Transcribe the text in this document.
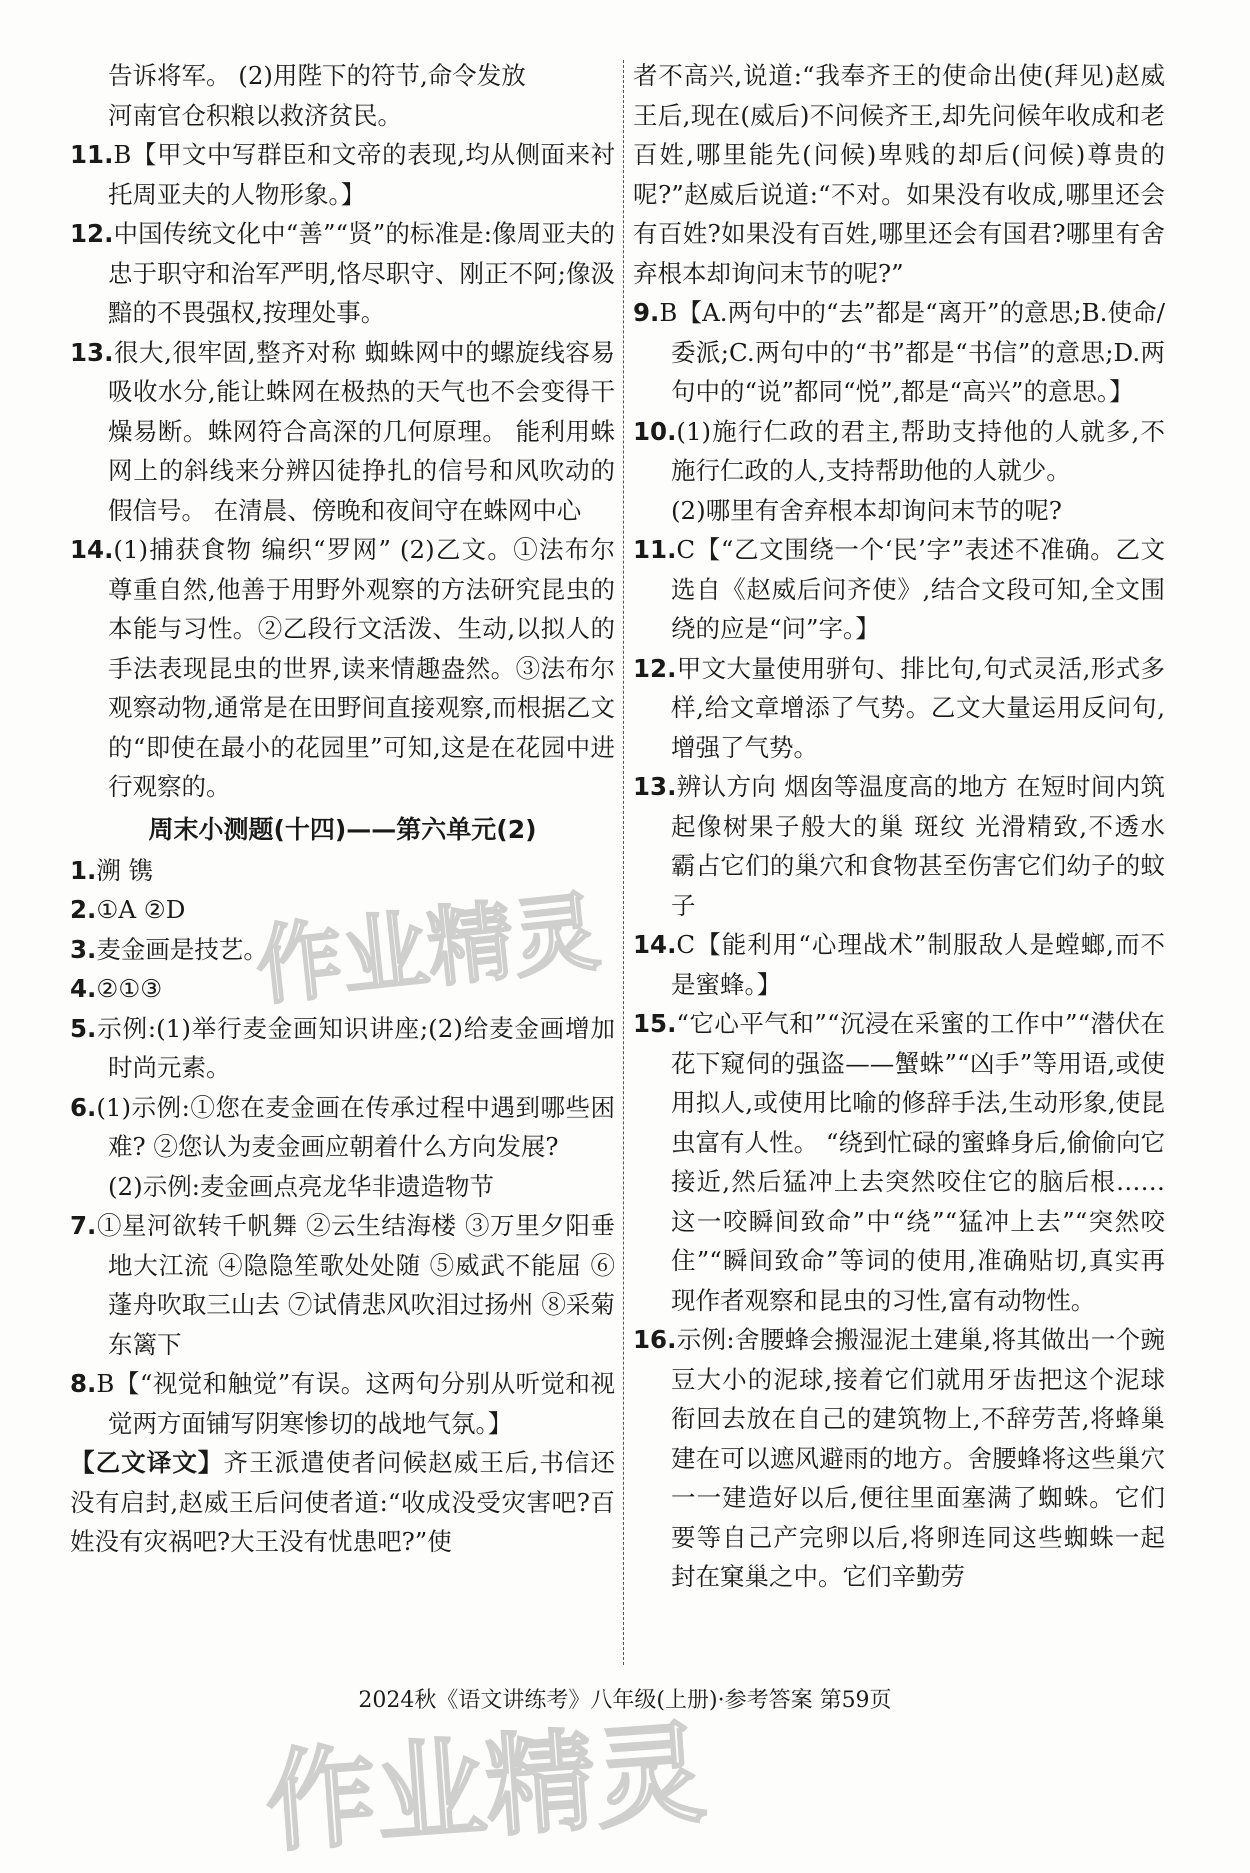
告诉将军。 (2)用陛下的符节,命令发放

河南官仓积粮以救济贫民。

11.B【甲文中写群臣和文帝的表现,均从侧面来衬托周亚夫的人物形象。】

12.中国传统文化中“善”“贤”的标准是:像周亚夫的忠于职守和治军严明,恪尽职守、刚正不阿;像汲黯的不畏强权,按理处事。

13.很大,很牢固,整齐对称 蜘蛛网中的螺旋线容易吸收水分,能让蛛网在极热的天气也不会变得干燥易断。蛛网符合高深的几何原理。 能利用蛛网上的斜线来分辨囚徒挣扎的信号和风吹动的假信号。 在清晨、傍晚和夜间守在蛛网中心

14.(1)捕获食物 编织“罗网” (2)乙文。①法布尔尊重自然,他善于用野外观察的方法研究昆虫的本能与习性。②乙段行文活泼、生动,以拟人的手法表现昆虫的世界,读来情趣盎然。③法布尔观察动物,通常是在田野间直接观察,而根据乙文的“即使在最小的花园里”可知,这是在花园中进行观察的。

周末小测题(十四)——第六单元(2)

1.溯 镌

2.①A ②D

3.麦金画是技艺。

4.②①③

5.示例:(1)举行麦金画知识讲座;(2)给麦金画增加时尚元素。

6.(1)示例:①您在麦金画在传承过程中遇到哪些困难? ②您认为麦金画应朝着什么方向发展?

(2)示例:麦金画点亮龙华非遗造物节

7.①星河欲转千帆舞 ②云生结海楼 ③万里夕阳垂地大江流 ④隐隐笙歌处处随 ⑤威武不能屈 ⑥蓬舟吹取三山去 ⑦试倩悲风吹泪过扬州 ⑧采菊东篱下

8.B【“视觉和触觉”有误。这两句分别从听觉和视觉两方面铺写阴寒惨切的战地气氛。】

【乙文译文】齐王派遣使者问候赵威王后,书信还没有启封,赵威王后问使者道:“收成没受灾害吧?百姓没有灾祸吧?大王没有忧患吧?”使

者不高兴,说道:“我奉齐王的使命出使(拜见)赵威王后,现在(威后)不问候齐王,却先问候年收成和老百姓,哪里能先(问候)卑贱的却后(问候)尊贵的呢?”赵威后说道:“不对。如果没有收成,哪里还会有百姓?如果没有百姓,哪里还会有国君?哪里有舍弃根本却询问末节的呢?”

9.B【A.两句中的“去”都是“离开”的意思;B.使命/委派;C.两句中的“书”都是“书信”的意思;D.两句中的“说”都同“悦”,都是“高兴”的意思。】

10.(1)施行仁政的君主,帮助支持他的人就多,不施行仁政的人,支持帮助他的人就少。

(2)哪里有舍弃根本却询问末节的呢?

11.C【“乙文围绕一个‘民’字”表述不准确。乙文选自《赵威后问齐使》,结合文段可知,全文围绕的应是“问”字。】

12.甲文大量使用骈句、排比句,句式灵活,形式多样,给文章增添了气势。乙文大量运用反问句,增强了气势。

13.辨认方向 烟囱等温度高的地方 在短时间内筑起像树果子般大的巢 斑纹 光滑精致,不透水 霸占它们的巢穴和食物甚至伤害它们幼子的蚊子

14.C【能利用“心理战术”制服敌人是螳螂,而不是蜜蜂。】

15.“它心平气和”“沉浸在采蜜的工作中”“潜伏在花下窥伺的强盗——蟹蛛”“凶手”等用语,或使用拟人,或使用比喻的修辞手法,生动形象,使昆虫富有人性。 “绕到忙碌的蜜蜂身后,偷偷向它接近,然后猛冲上去突然咬住它的脑后根……这一咬瞬间致命”中“绕”“猛冲上去”“突然咬住”“瞬间致命”等词的使用,准确贴切,真实再现作者观察和昆虫的习性,富有动物性。

16.示例:舍腰蜂会搬湿泥土建巢,将其做出一个豌豆大小的泥球,接着它们就用牙齿把这个泥球衔回去放在自己的建筑物上,不辞劳苦,将蜂巢建在可以遮风避雨的地方。舍腰蜂将这些巢穴一一建造好以后,便往里面塞满了蜘蛛。它们要等自己产完卵以后,将卵连同这些蜘蛛一起封在窠巢之中。它们辛勤劳

2024秋《语文讲练考》八年级(上册)·参考答案 第59页
作业精灵
作业精灵
